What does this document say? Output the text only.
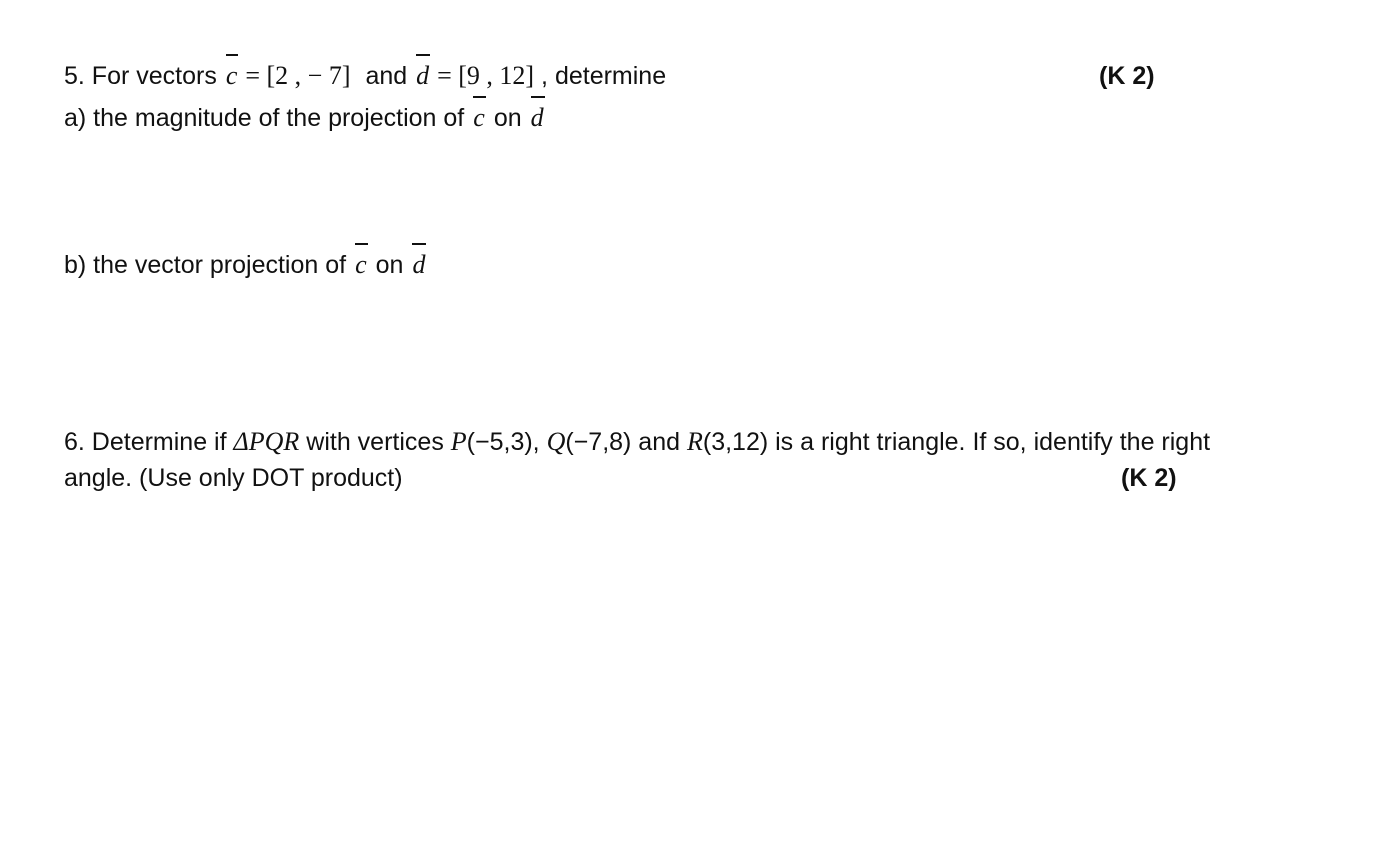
5. For vectors c = [2 , − 7] and d = [9 , 12] , determine	(K 2)
a) the magnitude of the projection of c on d
b) the vector projection of c on d
6. Determine if ΔPQR with vertices P(−5,3), Q(−7,8) and R(3,12) is a right triangle. If so, identify the right
angle. (Use only DOT product)	(K 2)
